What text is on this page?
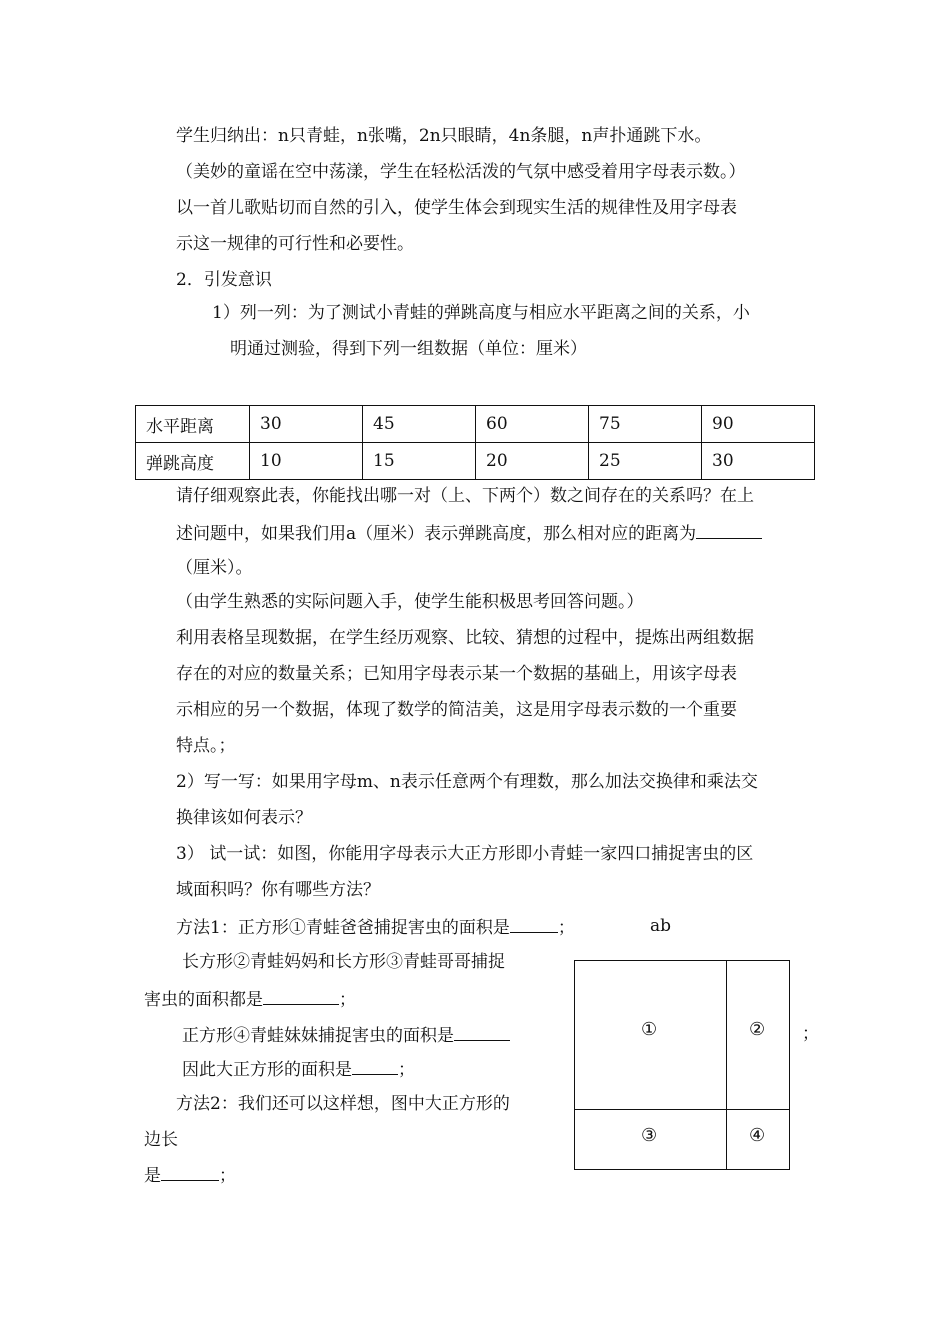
学生归纳出：n只青蛙，n张嘴，2n只眼睛，4n条腿，n声扑通跳下水。
（美妙的童谣在空中荡漾，学生在轻松活泼的气氛中感受着用字母表示数。）
以一首儿歌贴切而自然的引入，使学生体会到现实生活的规律性及用字母表
示这一规律的可行性和必要性。
2．引发意识
1）列一列：为了测试小青蛙的弹跳高度与相应水平距离之间的关系，小
明通过测验，得到下列一组数据（单位：厘米）
水平距离	30	45	60	75	90
弹跳高度	10	15	20	25	30
请仔细观察此表，你能找出哪一对（上、下两个）数之间存在的关系吗？在上
述问题中，如果我们用a（厘米）表示弹跳高度，那么相对应的距离为
（厘米）。
（由学生熟悉的实际问题入手，使学生能积极思考回答问题。）
利用表格呈现数据，在学生经历观察、比较、猜想的过程中，提炼出两组数据
存在的对应的数量关系；已知用字母表示某一个数据的基础上，用该字母表
示相应的另一个数据，体现了数学的简洁美，这是用字母表示数的一个重要
特点。；
2）写一写：如果用字母m、n表示任意两个有理数，那么加法交换律和乘法交
换律该如何表示？
3） 试一试：如图，你能用字母表示大正方形即小青蛙一家四口捕捉害虫的区
域面积吗？你有哪些方法？
方法1：正方形①青蛙爸爸捕捉害虫的面积是	；	ab
长方形②青蛙妈妈和长方形③青蛙哥哥捕捉
害虫的面积都是	；
正方形④青蛙妹妹捕捉害虫的面积是
因此大正方形的面积是	；
方法2：我们还可以这样想，图中大正方形的
边长
是	；
①	②
③	④
；
